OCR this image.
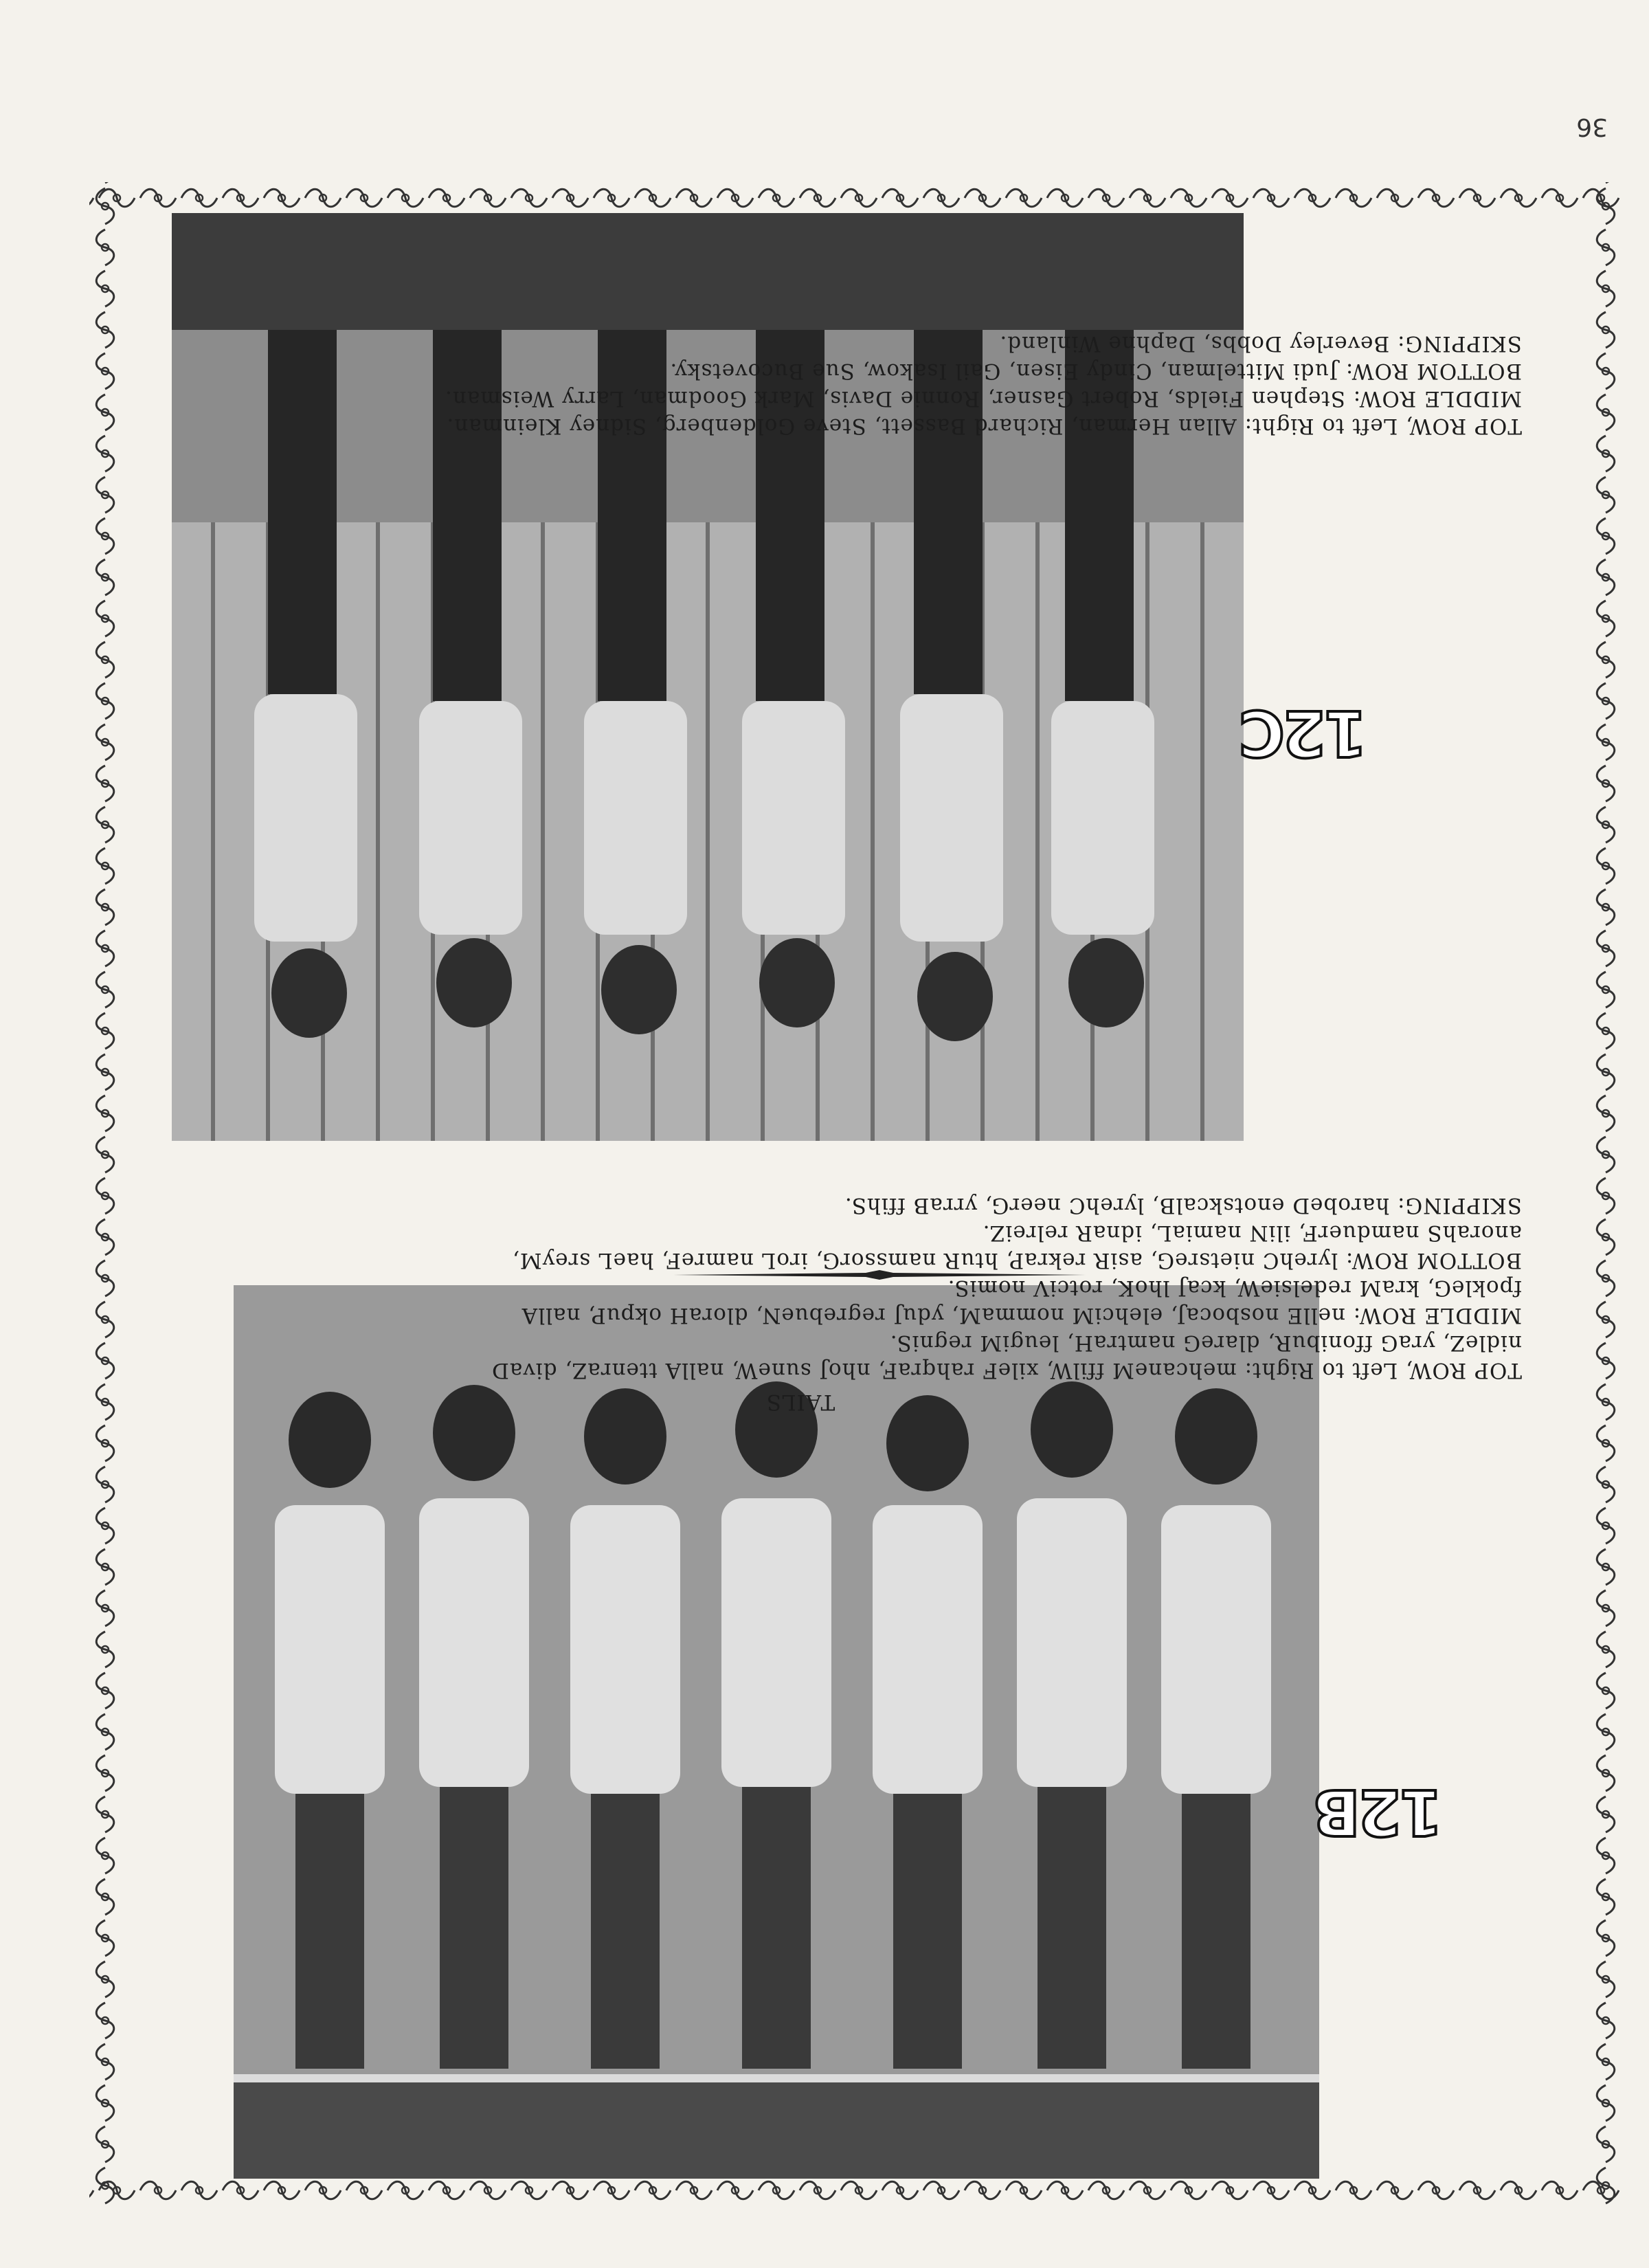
36
12C
12B

TOP ROW, Left to Right: Allan Herman, Richard Bassett, Steve Goldenberg, Sidney Kleinman.

MIDDLE ROW: Stephen Fields, Robert Gasner, Ronnie Davis, Mark Goodman, Larry Weisman.

BOTTOM ROW: Judi Mittelman, Cindy Eisen, Gail Isakow, Sue Bucovetsky.

SKIPPING: Beverley Dobbs, Daphne Winland.

TAILS

TOP ROW, Left to Right: mehcaneM ffilW, xileF rahqraF, nhoJ suneW, nallA ttenraZ, divaD

nidleZ, yraG ffonibuR, dlareG namtraH, leugiM regniS.

MIDDLE ROW: nellE nosbocaJ, elehciM nommaM, yduJ regrebueN, dloraH okpuP, nallA

fpokleG, kraM redelsieW, kcaJ lhoK, rotciV nomiS.

BOTTOM ROW: lyrehC nietsreG, asiR rekraP, htuR namssorG, iroL namreF, haeL sreyM,

anorahS namduerF, iliN namiaL, idnaR relreiZ.

SKIPPING: harobeD enotskcalB, lyrehC neerG, yrraB ffihS.
